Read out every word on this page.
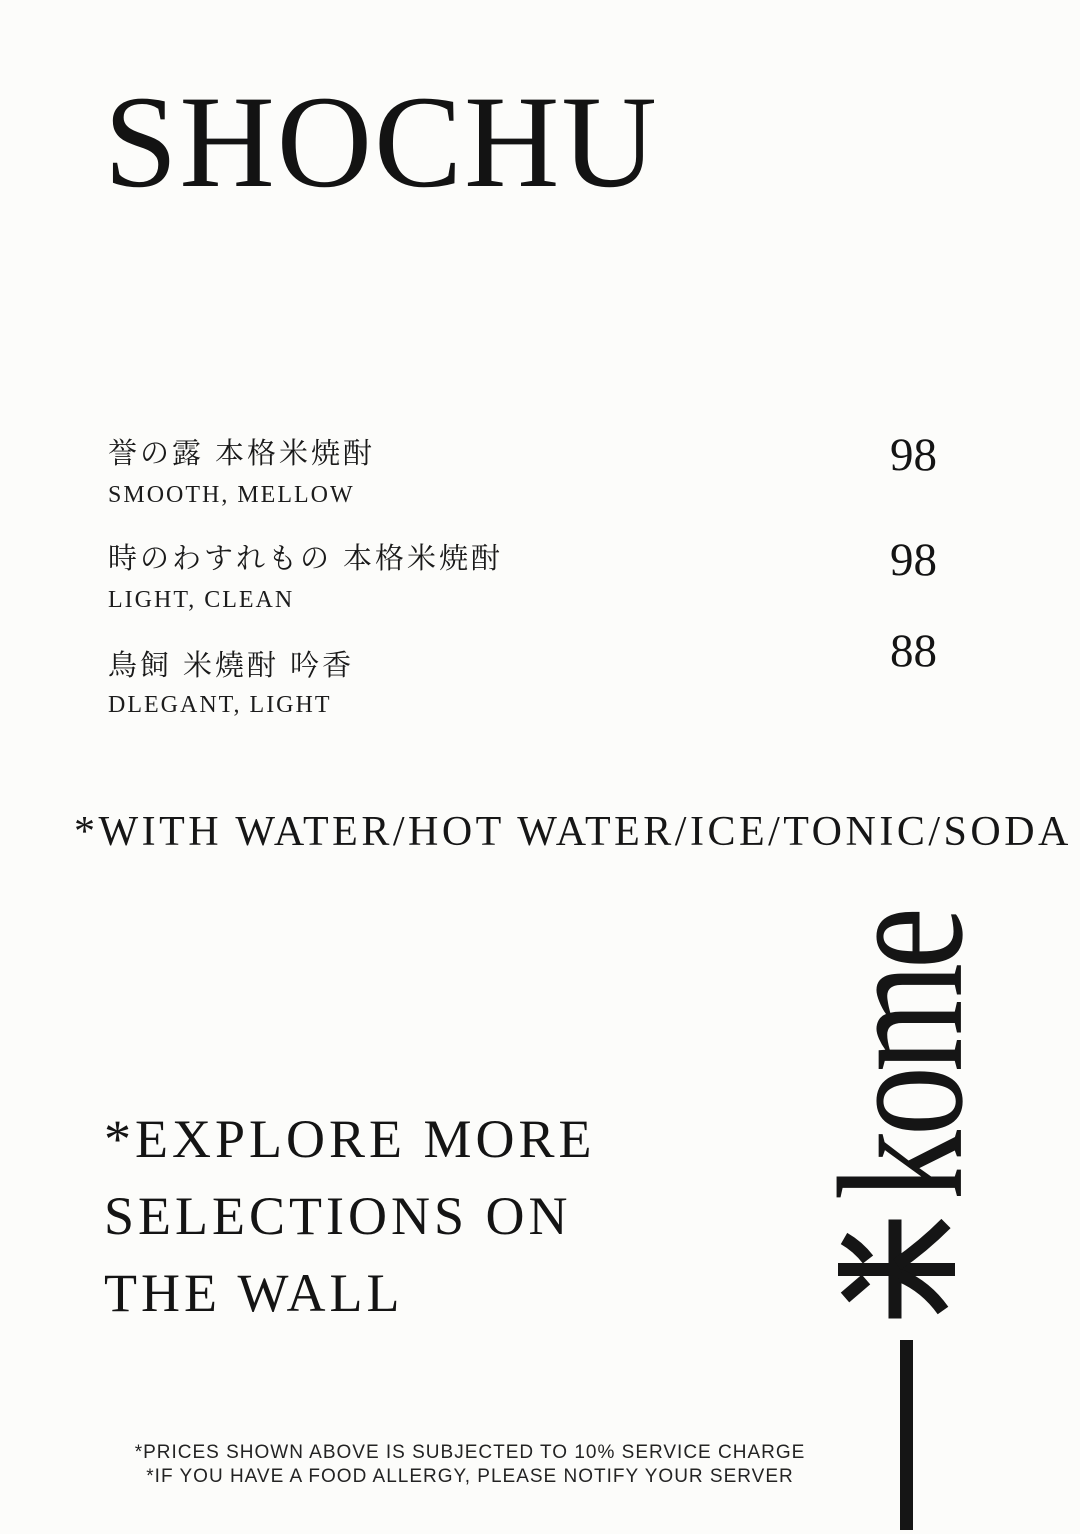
SHOCHU
誉の露 本格米焼酎
SMOOTH, MELLOW
98
時のわすれもの 本格米焼酎
LIGHT, CLEAN
98
鳥飼 米燒酎 吟香
DLEGANT, LIGHT
88
*WITH WATER/HOT WATER/ICE/TONIC/SODA
*EXPLORE MORE
SELECTIONS ON
THE WALL
kome
*PRICES SHOWN ABOVE IS SUBJECTED TO 10% SERVICE CHARGE
*IF YOU HAVE A FOOD ALLERGY, PLEASE NOTIFY YOUR SERVER
